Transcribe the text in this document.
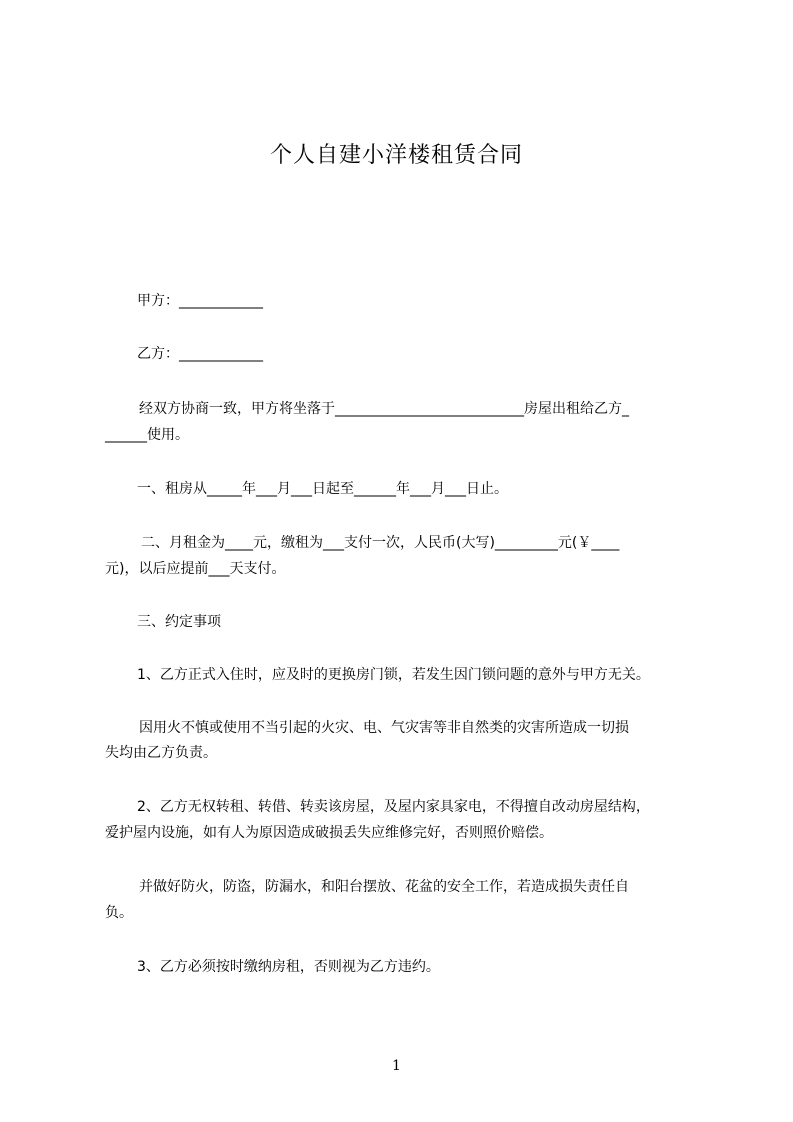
个人自建小洋楼租赁合同
甲方：____________
乙方：____________
经双方协商一致，甲方将坐落于___________________________房屋出租给乙方_
______使用。
一、租房从_____年___月___日起至______年___月___日止。
二、月租金为____元，缴租为___支付一次，人民币(大写)_________元(￥____
元)，以后应提前___天支付。
三、约定事项
1、乙方正式入住时，应及时的更换房门锁，若发生因门锁问题的意外与甲方无关。
因用火不慎或使用不当引起的火灾、电、气灾害等非自然类的灾害所造成一切损
失均由乙方负责。
2、乙方无权转租、转借、转卖该房屋，及屋内家具家电，不得擅自改动房屋结构，
爱护屋内设施，如有人为原因造成破损丢失应维修完好，否则照价赔偿。
并做好防火，防盗，防漏水，和阳台摆放、花盆的安全工作，若造成损失责任自
负。
3、乙方必须按时缴纳房租，否则视为乙方违约。
1
